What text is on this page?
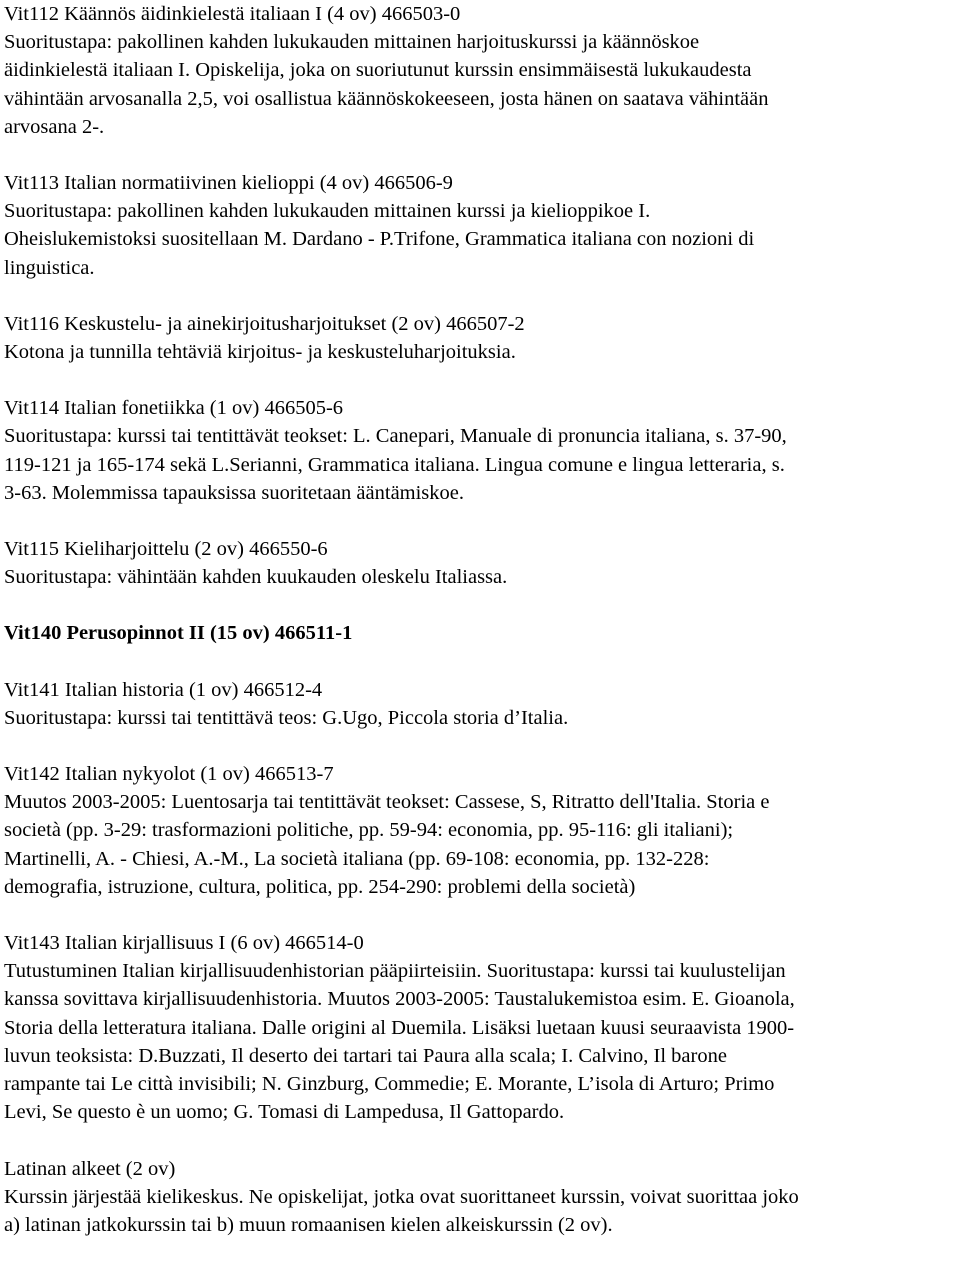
Vit112 Käännös äidinkielestä italiaan I (4 ov) 466503-0
Suoritustapa: pakollinen kahden lukukauden mittainen harjoituskurssi ja käännöskoe
äidinkielestä italiaan I. Opiskelija, joka on suoriutunut kurssin ensimmäisestä lukukaudesta
vähintään arvosanalla 2,5, voi osallistua käännöskokeeseen, josta hänen on saatava vähintään
arvosana 2-.
Vit113 Italian normatiivinen kielioppi (4 ov) 466506-9
Suoritustapa: pakollinen kahden lukukauden mittainen kurssi ja kielioppikoe I.
Oheislukemistoksi suositellaan M. Dardano - P.Trifone, Grammatica italiana con nozioni di
linguistica.
Vit116 Keskustelu- ja ainekirjoitusharjoitukset (2 ov) 466507-2
Kotona ja tunnilla tehtäviä kirjoitus- ja keskusteluharjoituksia.
Vit114 Italian fonetiikka (1 ov) 466505-6
Suoritustapa: kurssi tai tentittävät teokset: L. Canepari, Manuale di pronuncia italiana, s. 37-90,
119-121 ja 165-174 sekä L.Serianni, Grammatica italiana. Lingua comune e lingua letteraria, s.
3-63. Molemmissa tapauksissa suoritetaan ääntämiskoe.
Vit115 Kieliharjoittelu (2 ov) 466550-6
Suoritustapa: vähintään kahden kuukauden oleskelu Italiassa.
Vit140 Perusopinnot II (15 ov) 466511-1
Vit141 Italian historia (1 ov) 466512-4
Suoritustapa: kurssi tai tentittävä teos: G.Ugo, Piccola storia d’Italia.
Vit142 Italian nykyolot (1 ov) 466513-7
Muutos 2003-2005: Luentosarja tai tentittävät teokset: Cassese, S, Ritratto dell'Italia. Storia e
società (pp. 3-29: trasformazioni politiche, pp. 59-94: economia, pp. 95-116: gli italiani);
Martinelli, A. - Chiesi, A.-M., La società italiana (pp. 69-108: economia, pp. 132-228:
demografia, istruzione, cultura, politica, pp. 254-290: problemi della società)
Vit143 Italian kirjallisuus I (6 ov) 466514-0
Tutustuminen Italian kirjallisuudenhistorian pääpiirteisiin. Suoritustapa: kurssi tai kuulustelijan
kanssa sovittava kirjallisuudenhistoria. Muutos 2003-2005: Taustalukemistoa esim. E. Gioanola,
Storia della letteratura italiana. Dalle origini al Duemila. Lisäksi luetaan kuusi seuraavista 1900-
luvun teoksista: D.Buzzati, Il deserto dei tartari tai Paura alla scala; I. Calvino, Il barone
rampante tai Le città invisibili; N. Ginzburg, Commedie; E. Morante, L’isola di Arturo; Primo
Levi, Se questo è un uomo; G. Tomasi di Lampedusa, Il Gattopardo.
Latinan alkeet (2 ov)
Kurssin järjestää kielikeskus. Ne opiskelijat, jotka ovat suorittaneet kurssin, voivat suorittaa joko
a) latinan jatkokurssin tai b) muun romaanisen kielen alkeiskurssin (2 ov).
